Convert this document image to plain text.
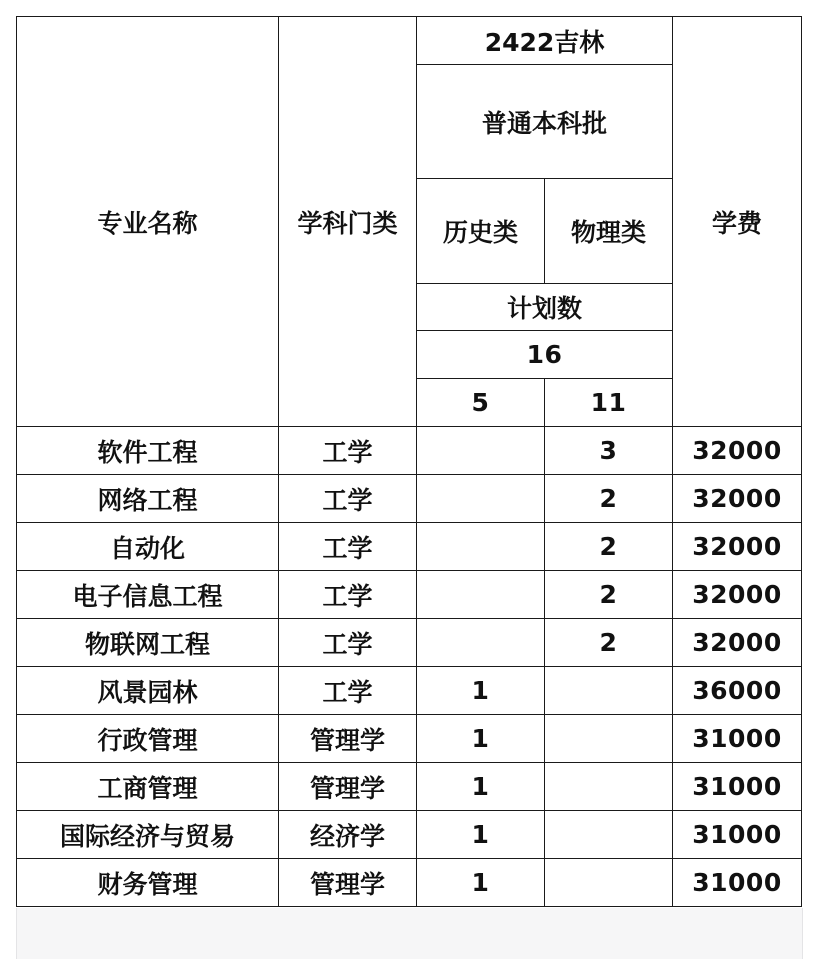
专业名称	学科门类	2422吉林		学费
		普通本科批		
		历史类	物理类	
		计划数		
		16		
		5	11	
软件工程	工学		3	32000
网络工程	工学		2	32000
自动化	工学		2	32000
电子信息工程	工学		2	32000
物联网工程	工学		2	32000
风景园林	工学	1		36000
行政管理	管理学	1		31000
工商管理	管理学	1		31000
国际经济与贸易	经济学	1		31000
财务管理	管理学	1		31000
